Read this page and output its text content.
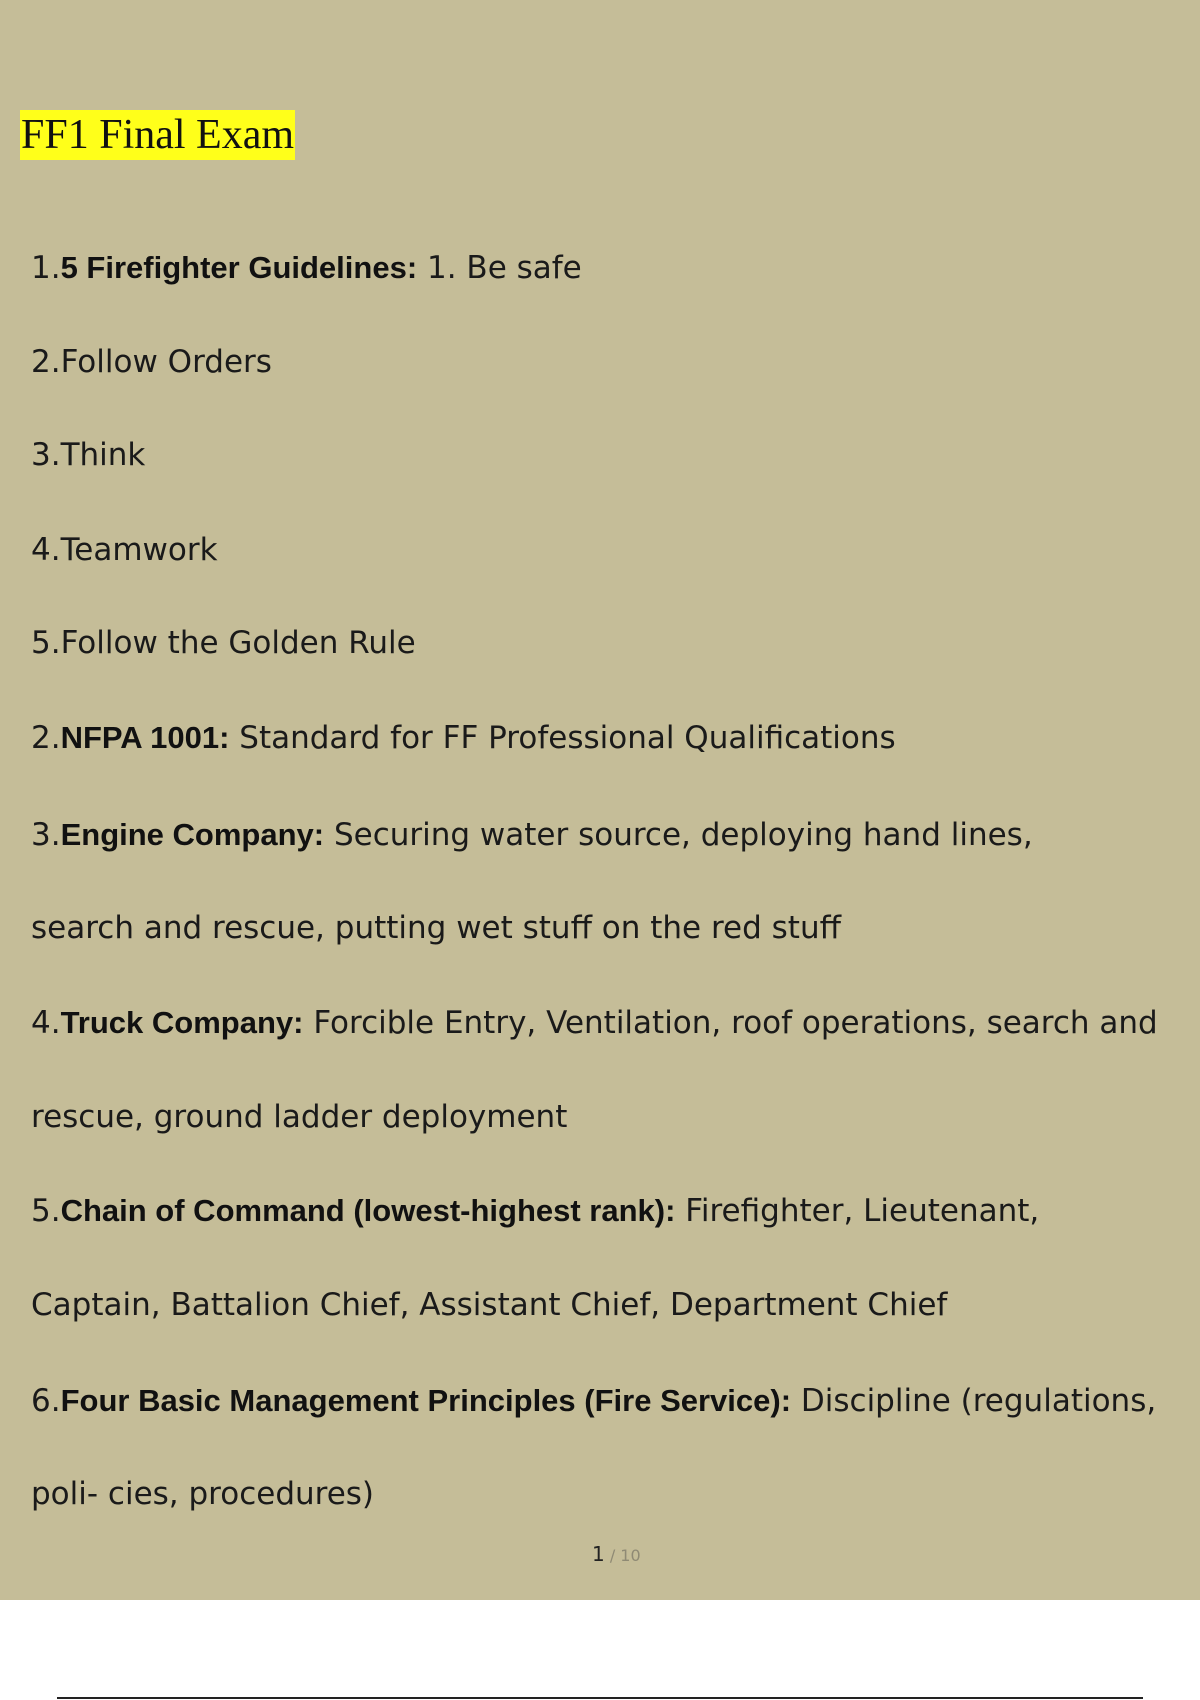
FF1 Final Exam
1.5 Firefighter Guidelines: 1. Be safe
2.Follow Orders
3.Think
4.Teamwork
5.Follow the Golden Rule
2.NFPA 1001: Standard for FF Professional Qualifications
3.Engine Company: Securing water source, deploying hand lines,
search and rescue, putting wet stuff on the red stuff
4.Truck Company: Forcible Entry, Ventilation, roof operations, search and
rescue, ground ladder deployment
5.Chain of Command (lowest-highest rank): Firefighter, Lieutenant,
Captain, Battalion Chief, Assistant Chief, Department Chief
6.Four Basic Management Principles (Fire Service): Discipline (regulations,
poli- cies, procedures)
1 / 10
